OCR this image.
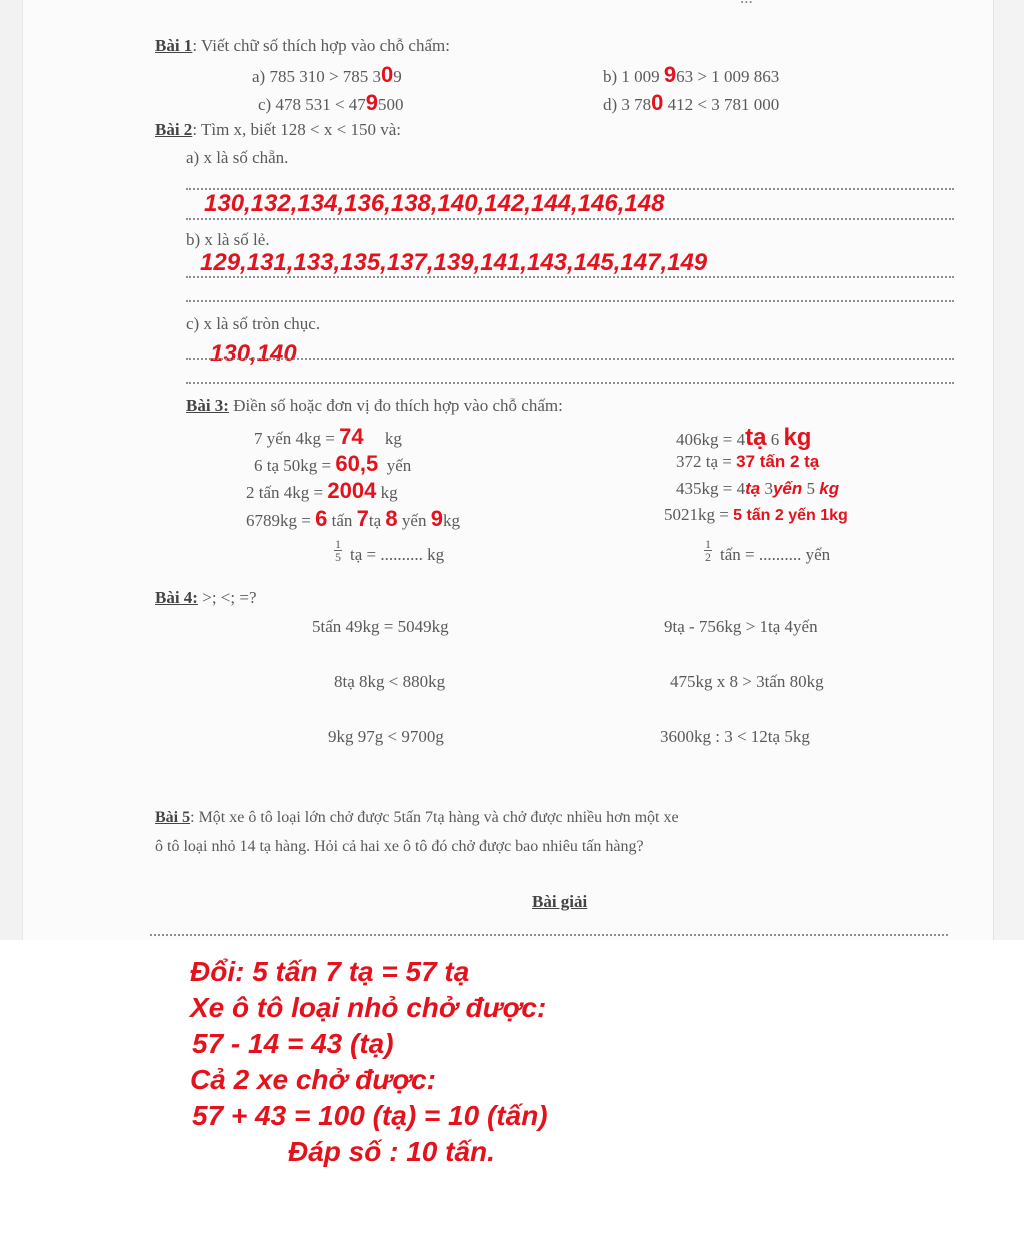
Bài 1: Viết chữ số thích hợp vào chỗ chấm:
a) 785 310 > 785 309	b) 1 009 963 > 1 009 863
c) 478 531 < 479500	d) 3 780 412 < 3 781 000
Bài 2: Tìm x, biết 128 < x < 150 và:
a) x là số chẵn.
130,132,134,136,138,140,142,144,146,148
b) x là số lẻ.
129,131,133,135,137,139,141,143,145,147,149
c) x là số tròn chục.
130,140
Bài 3: Điền số hoặc đơn vị đo thích hợp vào chỗ chấm:
7 yến 4kg = 74 kg
6 tạ 50kg = 60,5 yến
2 tấn 4kg = 2004 kg
6789kg = 6 tấn 7tạ 8 yến 9kg
$\frac{1}{5}$ tạ = .......... kg
406kg = 4tạ 6 kg
372 tạ = 37 tấn 2 tạ
435kg = 4tạ 3yến 5 kg
5021kg = 5 tấn 2 yến 1kg
$\frac{1}{2}$ tấn = .......... yến
Bài 4: >; <; =?
5tấn 49kg = 5049kg
8tạ 8kg < 880kg
9kg 97g < 9700g
9tạ - 756kg > 1tạ 4yến
475kg x 8 > 3tấn 80kg
3600kg : 3 < 12tạ 5kg
Bài 5: Một xe ô tô loại lớn chở được 5tấn 7tạ hàng và chở được nhiều hơn một xe
ô tô loại nhỏ 14 tạ hàng. Hỏi cả hai xe ô tô đó chở được bao nhiêu tấn hàng?
Bài giải
Đổi: 5 tấn 7 tạ = 57 tạ
Xe ô tô loại nhỏ chở được:
57 - 14 = 43 (tạ)
Cả 2 xe chở được:
57 + 43 = 100 (tạ) = 10 (tấn)
Đáp số : 10 tấn.
